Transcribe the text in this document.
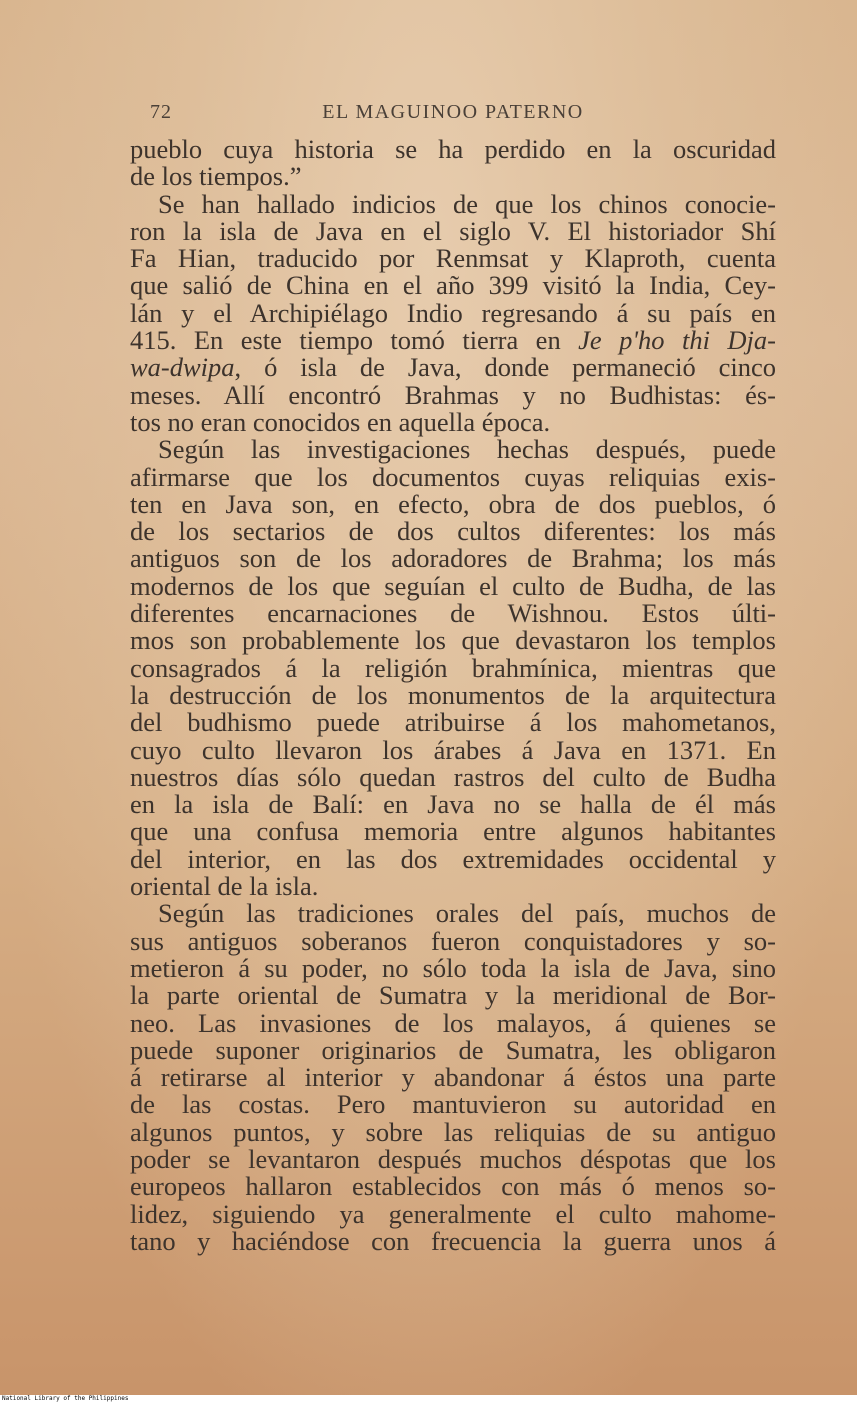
72	EL MAGUINOO PATERNO
pueblo cuya historia se ha perdido en la oscuridad
de los tiempos.”
Se han hallado indicios de que los chinos conocie-
ron la isla de Java en el siglo V. El historiador Shí
Fa Hian, traducido por Renmsat y Klaproth, cuenta
que salió de China en el año 399 visitó la India, Cey-
lán y el Archipiélago Indio regresando á su país en
415. En este tiempo tomó tierra en Je p'ho thi Dja-
wa-dwipa, ó isla de Java, donde permaneció cinco
meses. Allí encontró Brahmas y no Budhistas: és-
tos no eran conocidos en aquella época.
Según las investigaciones hechas después, puede
afirmarse que los documentos cuyas reliquias exis-
ten en Java son, en efecto, obra de dos pueblos, ó
de los sectarios de dos cultos diferentes: los más
antiguos son de los adoradores de Brahma; los más
modernos de los que seguían el culto de Budha, de las
diferentes encarnaciones de Wishnou. Estos últi-
mos son probablemente los que devastaron los templos
consagrados á la religión brahmínica, mientras que
la destrucción de los monumentos de la arquitectura
del budhismo puede atribuirse á los mahometanos,
cuyo culto llevaron los árabes á Java en 1371. En
nuestros días sólo quedan rastros del culto de Budha
en la isla de Balí: en Java no se halla de él más
que una confusa memoria entre algunos habitantes
del interior, en las dos extremidades occidental y
oriental de la isla.
Según las tradiciones orales del país, muchos de
sus antiguos soberanos fueron conquistadores y so-
metieron á su poder, no sólo toda la isla de Java, sino
la parte oriental de Sumatra y la meridional de Bor-
neo. Las invasiones de los malayos, á quienes se
puede suponer originarios de Sumatra, les obligaron
á retirarse al interior y abandonar á éstos una parte
de las costas. Pero mantuvieron su autoridad en
algunos puntos, y sobre las reliquias de su antiguo
poder se levantaron después muchos déspotas que los
europeos hallaron establecidos con más ó menos so-
lidez, siguiendo ya generalmente el culto mahome-
tano y haciéndose con frecuencia la guerra unos á
National Library of the Philippines
